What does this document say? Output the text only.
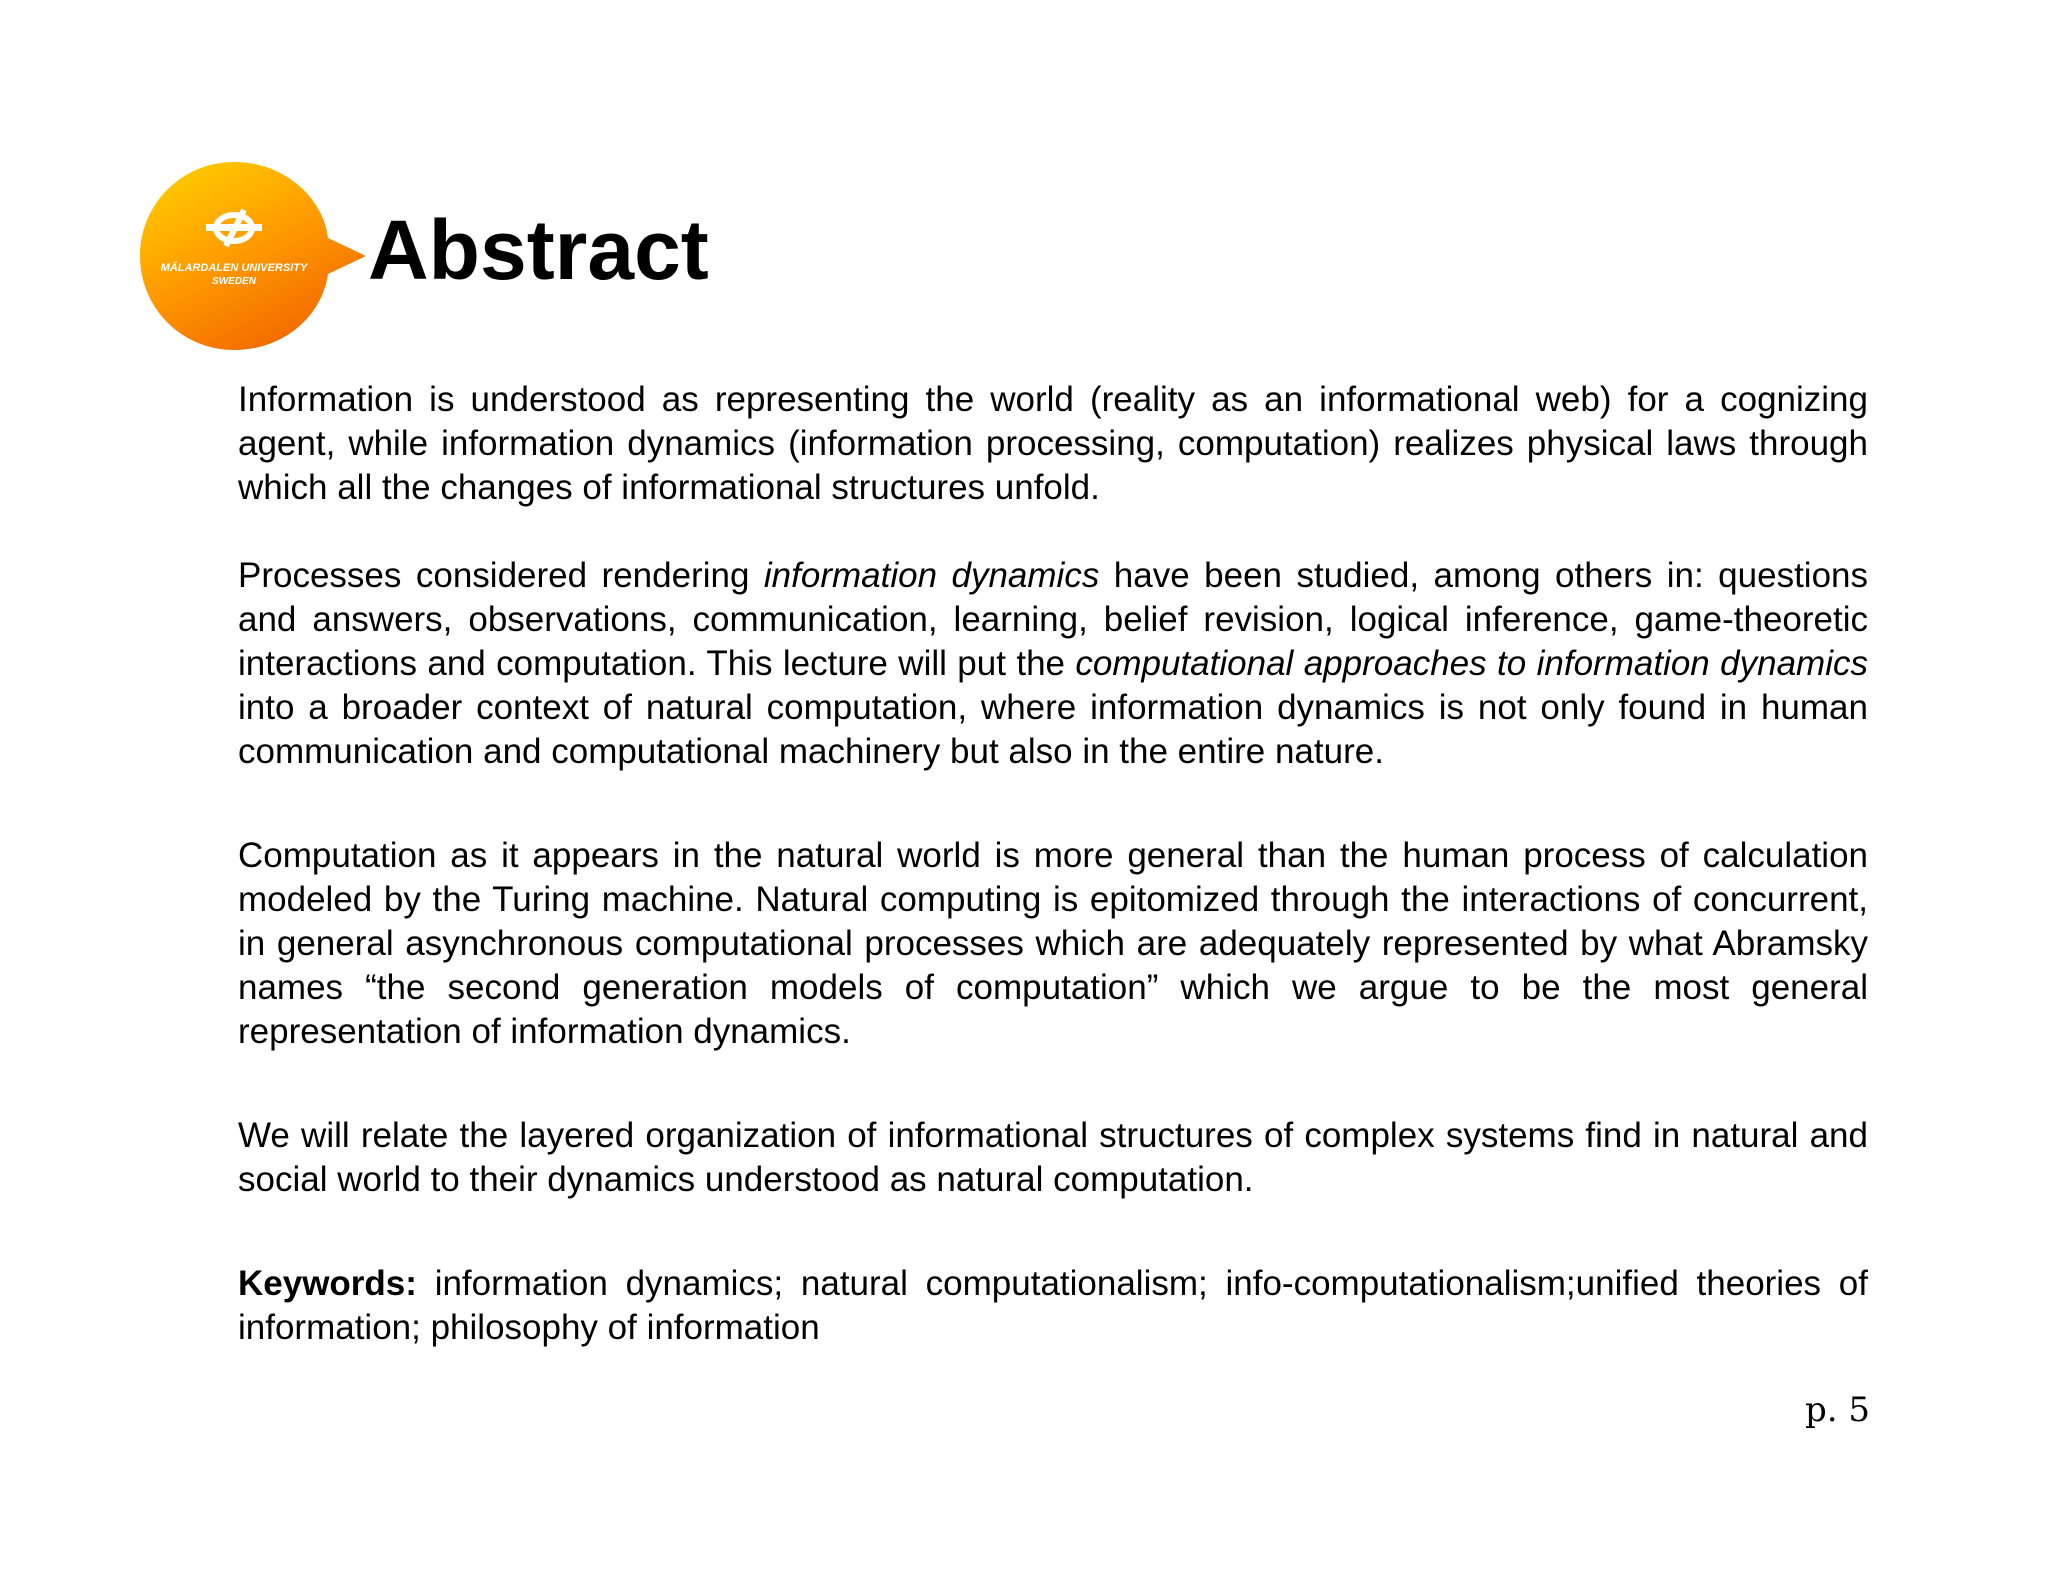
MÄLARDALEN UNIVERSITY
SWEDEN Abstract

Information is understood as representing the world (reality as an informational web) for a cognizing agent, while information dynamics (information processing, computation) realizes physical laws through which all the changes of informational structures unfold.

Processes considered rendering information dynamics have been studied, among others in: questions and answers, observations, communication, learning, belief revision, logical inference, game-theoretic interactions and computation. This lecture will put the computational approaches to information dynamics into a broader context of natural computation, where information dynamics is not only found in human communication and computational machinery but also in the entire nature.

Computation as it appears in the natural world is more general than the human process of calculation modeled by the Turing machine. Natural computing is epitomized through the interactions of concurrent, in general asynchronous computational processes which are adequately represented by what Abramsky names “the second generation models of computation” which we argue to be the most general representation of information dynamics.

We will relate the layered organization of informational structures of complex systems find in natural and social world to their dynamics understood as natural computation.

Keywords: information dynamics; natural computationalism; info-computationalism;unified theories of information; philosophy of information

p. 5
